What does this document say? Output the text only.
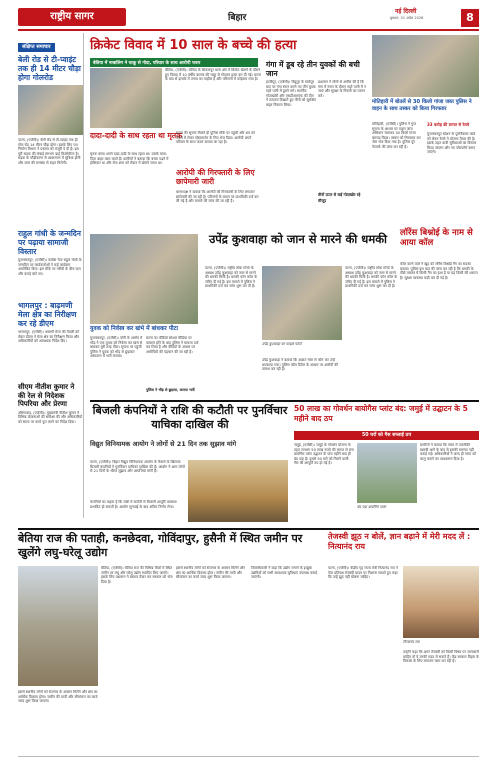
राष्ट्रीय सागर	बिहार
नई दिल्ली
बुधवार, 01 अप्रैल 2026	8
संक्षिप्त समाचार
बेली रोड से टी-प्वाइंट तक ही 14 मीटर चौड़ा होगा गोलरोड
पटना, (एजेंसी)। बेली रोड से टी-प्वाइंट तक ही गोल रोड 14 मीटर चौड़ा होगा। इसके लिए पथ निर्माण विभाग ने प्रस्ताव को मंजूरी दे दी है। इस पूरी सड़क की लंबाई लगभग ढाई किलोमीटर है। सड़क के चौड़ीकरण से आवागमन में सुविधा होगी और जाम की समस्या से राहत मिलेगी।
राहुल गांधी के जन्मदिन पर पढ़ाया सामाजी विस्तार
मुजफ्फरपुर, (एजेंसी)। कांग्रेस नेता राहुल गांधी के जन्मदिन पर कार्यकर्ताओं ने कई कार्यक्रम आयोजित किए। इस मौके पर गरीबों के बीच फल और कपड़े बांटे गए।
भागलपुर : बाढ़मणी मेला क्षेत्र का निरीक्षण कर रहे डीएम
भागलपुर, (एजेंसी)। श्रावणी मेला की तैयारी को लेकर डीएम ने मेला क्षेत्र का निरीक्षण किया और अधिकारियों को आवश्यक निर्देश दिए।
सीएम नीतीश कुमार ने की रेल से निदेशक पिपरिया और प्रेरणा
औरंगाबाद, (एजेंसी)। मुख्यमंत्री नीतीश कुमार ने विभिन्न योजनाओं की समीक्षा की और अधिकारियों को समय पर कार्य पूरा करने का निर्देश दिया।
क्रिकेट विवाद में 10 साल के बच्चे की हत्या
बेतिया में नाबालिग ने चाकू से गोदा, परिवार के साथ आरोपी फरार
बेतिया, (एजेंसी)। बेतिया के शिकारपुर थाना क्षेत्र में क्रिकेट खेलने के दौरान हुए विवाद में 10 वर्षीय बालक की चाकू से गोदकर हत्या कर दी गई। घटना के बाद से इलाके में तनाव का माहौल है और परिजनों में कोहराम मचा है।
दादा-दादी के साथ रहता था मृतक
मृतक बच्चा अपने दादा-दादी के साथ रहता था। उसके माता-पिता बाहर काम करते हैं। ग्रामीणों ने बताया कि बच्चा पढ़ने में होशियार था और रोज शाम को मैदान में खेलने जाता था।
घटना की सूचना मिलते ही पुलिस मौके पर पहुंची और शव को कब्जे में लेकर पोस्टमार्टम के लिए भेज दिया। आरोपी अपने परिवार के साथ फरार बताया जा रहा है।
आरोपी की गिरफ्तारी के लिए छापेमारी जारी
थानाध्यक्ष ने बताया कि आरोपी की गिरफ्तारी के लिए लगातार छापेमारी की जा रही है। परिजनों के बयान पर प्राथमिकी दर्ज कर ली गई है और मामले की जांच की जा रही है।
गंगा में डूब रहे तीन युवकों की बची जान
हाजीपुर, (एजेंसी)। बिदुपुर के राघोपुर घाट पर गंगा स्नान करने गए तीन युवक गहरे पानी में डूबने लगे। स्थानीय गोताखोरों और एसडीआरएफ की टीम ने तत्परता दिखाते हुए तीनों को सुरक्षित बाहर निकाल लिया।
प्रशासन ने लोगों से अपील की है कि गंगा में स्नान के दौरान गहरे पानी में न जाएं और सुरक्षा के नियमों का पालन करें।
तीनों ऊपर से कई गोताखोर रहे मौजूद
मोतिहारी में बोतलें से 30 किलो गांजा जब्त पुलिस ने वाहन के साथ तस्कर को किया गिरफ्तार
मोतिहारी, (एजेंसी)। पुलिस ने गुप्त सूचना के आधार पर वाहन जांच अभियान चलाकर 30 किलो गांजा बरामद किया। तस्कर को गिरफ्तार कर जेल भेज दिया गया है। पुलिस पूरे नेटवर्क की जांच कर रही है।
33 करोड़ की लागत से रेलवे
मुजफ्फरपुर स्टेशन के पुनर्विकास कार्य को लेकर रेलवे ने योजना तैयार की है। इसके तहत यात्री सुविधाओं का विस्तार किया जाएगा और नए प्लेटफॉर्म बनाए जाएंगे।
युवक को निर्वस्त्र कर खंभे में बांधकर पीटा
मुजफ्फरपुर, (एजेंसी)। चोरी के आरोप में भीड़ ने एक युवक को निर्वस्त्र कर खंभे से बांधकर बुरी तरह पीटा। सूचना पर पहुंची पुलिस ने युवक को भीड़ से छुड़ाकर अस्पताल में भर्ती कराया।
घटना का वीडियो सोशल मीडिया पर वायरल होने के बाद पुलिस ने मामला दर्ज कर लिया है और वीडियो के आधार पर आरोपियों की पहचान की जा रही है।
पुलिस ने भीड़ से छुड़ाया, कराया भर्ती
उपेंद्र कुशवाहा को जान से मारने की धमकी
पटना, (एजेंसी)। राष्ट्रीय लोक मोर्चा के अध्यक्ष उपेंद्र कुशवाहा को जान से मारने की धमकी मिली है। धमकी फोन कॉल के जरिए दी गई है। इस मामले में पुलिस ने प्राथमिकी दर्ज कर जांच शुरू कर दी है।
उपेंद्र कुशवाहा का फाइल फोटो
उपेंद्र कुशवाहा ने बताया कि अज्ञात नंबर से फोन कर उन्हें धमकाया गया। पुलिस कॉल डिटेल के आधार पर आरोपी की तलाश कर रही है।
पटना, (एजेंसी)। राष्ट्रीय लोक मोर्चा के अध्यक्ष उपेंद्र कुशवाहा को जान से मारने की धमकी मिली है। धमकी फोन कॉल के जरिए दी गई है। इस मामले में पुलिस ने प्राथमिकी दर्ज कर जांच शुरू कर दी है।
लॉरेंस बिश्नोई के नाम से आया कॉल
कॉल करने वाले ने खुद को लॉरेंस बिश्नोई गैंग का सदस्य बताया। पुलिस इस बात की जांच कर रही है कि धमकी के पीछे वास्तव में किसी गैंग का हाथ है या यह किसी की शरारत है। सुरक्षा व्यवस्था कड़ी कर दी गई है।
बिजली कंपनियों ने राशि की कटौती पर पुनर्विचार याचिका दाखिल की
विद्युत विनियामक आयोग ने लोगों से 21 दिन तक सुझाव मांगे
पटना, (एजेंसी)। बिहार विद्युत विनियामक आयोग के फैसले के खिलाफ बिजली कंपनियों ने पुनर्विचार याचिका दाखिल की है। आयोग ने आम लोगों से 21 दिनों के भीतर सुझाव और आपत्तियां मांगी हैं।
कंपनियों का कहना है कि राशि में कटौती से बिजली आपूर्ति व्यवस्था प्रभावित हो सकती है। आयोग सुनवाई के बाद अंतिम निर्णय लेगा।
50 लाख का गोवर्धन बायोगैस प्लांट बंद: जमुई में उद्घाटन के 5 महीने बाद ठप
50 घरों को गैस सप्लाई ठप
जमुई, (एजेंसी)। जमुई के गोवर्धन योजना के तहत लगभग 50 लाख रुपये की लागत से बना बायोगैस प्लांट उद्घाटन के पांच महीने बाद ही बंद पड़ा है। इससे 50 घरों को मिलने वाली गैस की आपूर्ति ठप हो गई है।
बंद पड़ा बायोगैस प्लांट
ग्रामीणों ने बताया कि प्लांट में तकनीकी खराबी आने के बाद से इसकी मरम्मत नहीं कराई गई। अधिकारियों ने जल्द ही प्लांट को चालू कराने का आश्वासन दिया है।
बेतिया राज की पताही, कनछेदवा, गोविंदापुर, हुसैनी में स्थित जमीन पर खुलेंगे लघु-घरेलू उद्योग
बेतिया, (एजेंसी)। बेतिया राज की विभिन्न मौजों में स्थित जमीन पर लघु और घरेलू उद्योग स्थापित किए जाएंगे। इसके लिए प्रशासन ने प्रस्ताव तैयार कर सरकार को भेज दिया है।
इससे स्थानीय लोगों को रोजगार के अवसर मिलेंगे और क्षेत्र का आर्थिक विकास होगा। जमीन की मापी और सीमांकन का कार्य जल्द शुरू किया जाएगा।
जिलाधिकारी ने कहा कि उद्योग लगाने के इच्छुक उद्यमियों को सभी आवश्यक सुविधाएं उपलब्ध कराई जाएंगी।
इससे स्थानीय लोगों को रोजगार के अवसर मिलेंगे और क्षेत्र का आर्थिक विकास होगा। जमीन की मापी और सीमांकन का कार्य जल्द शुरू किया जाएगा।
तेजस्वी झूठ न बोलें, ज्ञान बढ़ाने में मेरी मदद लें : नित्यानंद राय
पटना, (एजेंसी)। केंद्रीय गृह राज्य मंत्री नित्यानंद राय ने नेता प्रतिपक्ष तेजस्वी यादव पर निशाना साधते हुए कहा कि उन्हें झूठ नहीं बोलना चाहिए।
नित्यानंद राय
उन्होंने कहा कि अगर तेजस्वी को किसी विषय पर जानकारी चाहिए तो वे उनकी मदद ले सकते हैं। केंद्र सरकार बिहार के विकास के लिए लगातार काम कर रही है।
